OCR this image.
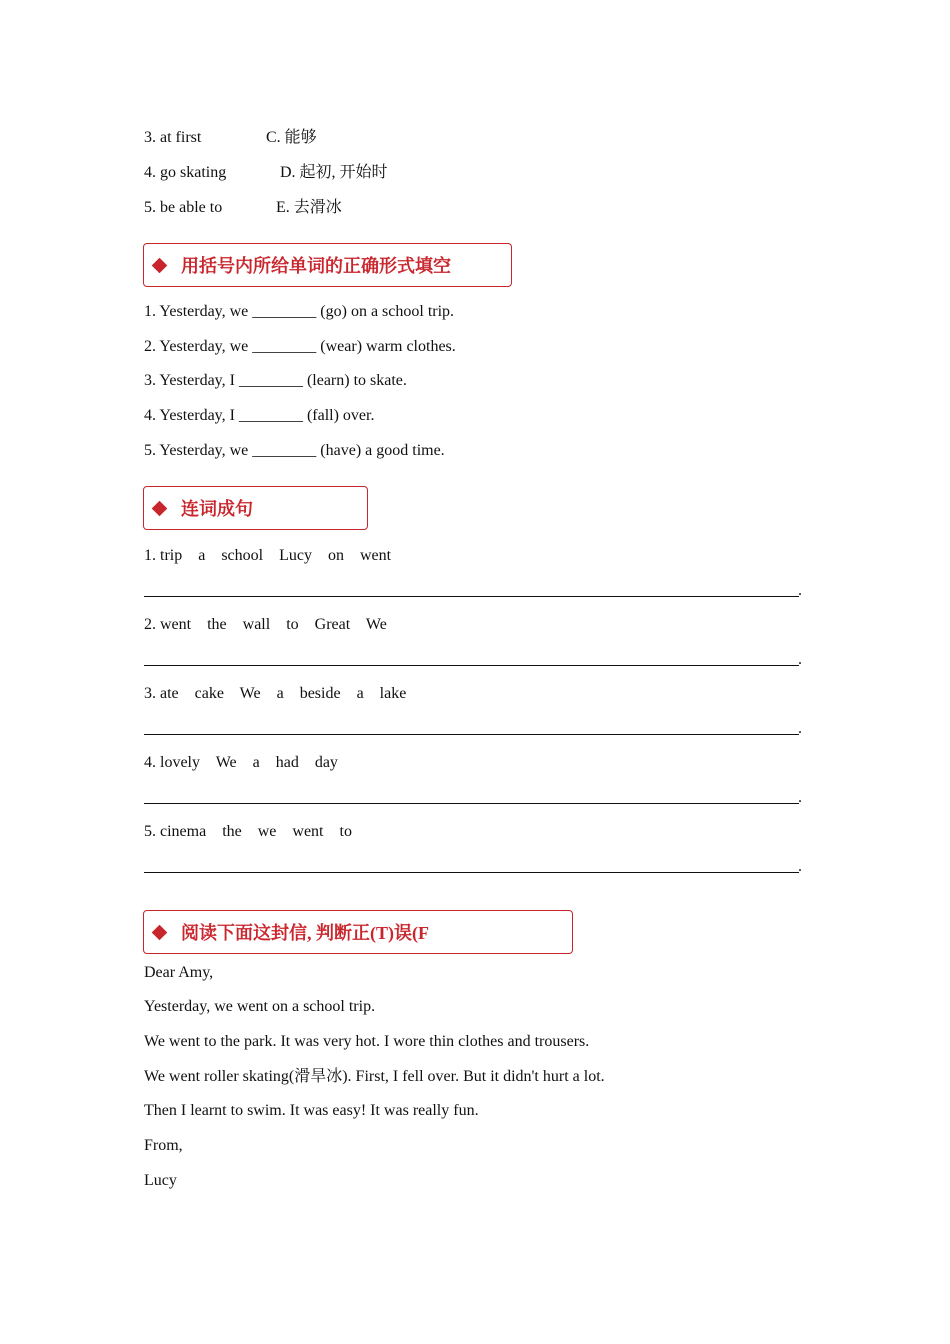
3. at first	C. 能够
4. go skating	D. 起初, 开始时
5. be able to	E. 去滑冰
用括号内所给单词的正确形式填空
1. Yesterday, we ________ (go) on a school trip.
2. Yesterday, we ________ (wear) warm clothes.
3. Yesterday, I ________ (learn) to skate.
4. Yesterday, I ________ (fall) over.
5. Yesterday, we ________ (have) a good time.
连词成句
1. trip    a    school    Lucy    on    went
.
2. went    the    wall    to    Great    We
.
3. ate    cake    We    a    beside    a    lake
.
4. lovely    We    a    had    day
.
5. cinema    the    we    went    to
.
阅读下面这封信, 判断正(T)误(F
Dear Amy,
Yesterday, we went on a school trip.
We went to the park. It was very hot. I wore thin clothes and trousers.
We went roller skating(滑旱冰). First, I fell over. But it didn't hurt a lot.
Then I learnt to swim. It was easy! It was really fun.
From,
Lucy
